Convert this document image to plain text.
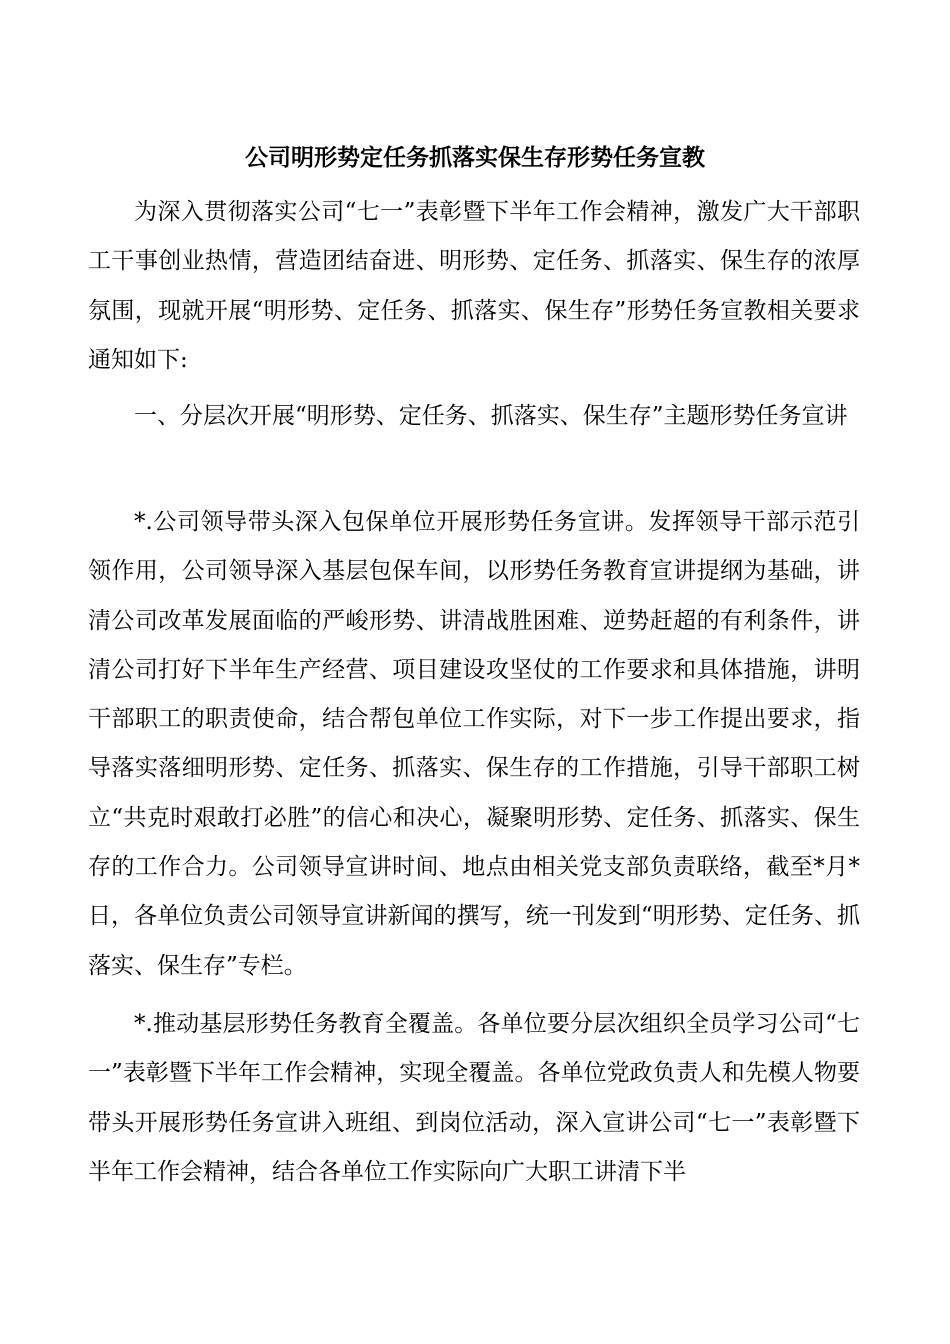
公司明形势定任务抓落实保生存形势任务宣教

为深入贯彻落实公司“七一”表彰暨下半年工作会精神，激发广大干部职工干事创业热情，营造团结奋进、明形势、定任务、抓落实、保生存的浓厚氛围，现就开展“明形势、定任务、抓落实、保生存”形势任务宣教相关要求通知如下:

一、分层次开展“明形势、定任务、抓落实、保生存”主题形势任务宣讲

*.公司领导带头深入包保单位开展形势任务宣讲。发挥领导干部示范引领作用，公司领导深入基层包保车间，以形势任务教育宣讲提纲为基础，讲清公司改革发展面临的严峻形势、讲清战胜困难、逆势赶超的有利条件，讲清公司打好下半年生产经营、项目建设攻坚仗的工作要求和具体措施，讲明干部职工的职责使命，结合帮包单位工作实际，对下一步工作提出要求，指导落实落细明形势、定任务、抓落实、保生存的工作措施，引导干部职工树立“共克时艰敢打必胜”的信心和决心，凝聚明形势、定任务、抓落实、保生存的工作合力。公司领导宣讲时间、地点由相关党支部负责联络，截至*月*日，各单位负责公司领导宣讲新闻的撰写，统一刊发到“明形势、定任务、抓落实、保生存”专栏。

*.推动基层形势任务教育全覆盖。各单位要分层次组织全员学习公司“七一”表彰暨下半年工作会精神，实现全覆盖。各单位党政负责人和先模人物要带头开展形势任务宣讲入班组、到岗位活动，深入宣讲公司“七一”表彰暨下半年工作会精神，结合各单位工作实际向广大职工讲清下半
